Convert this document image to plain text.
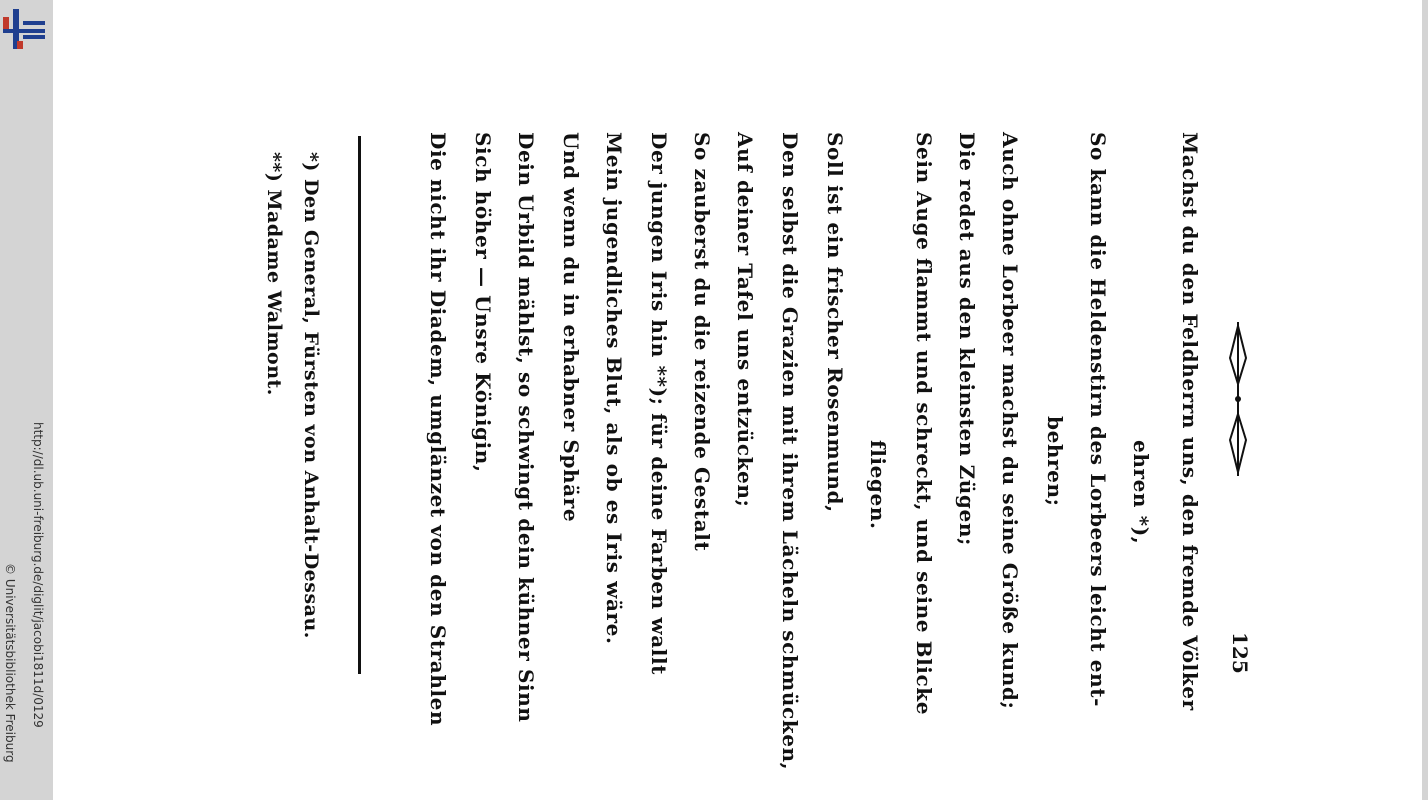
http://dl.ub.uni-freiburg.de/diglit/jacobi1811d/0129
© Universitätsbibliothek Freiburg	125
Machst du den Feldherrn uns, den fremde Völker
ehren *),
So kann die Heldenstirn des Lorbeers leicht ent-
behren;
Auch ohne Lorbeer machst du seine Größe kund;
Die redet aus den kleinsten Zügen;
Sein Auge flammt und schreckt, und seine Blicke
fliegen.
Soll ist ein frischer Rosenmund,
Den selbst die Grazien mit ihrem Lächeln schmücken,
Auf deiner Tafel uns entzücken;
So zauberst du die reizende Gestalt
Der jungen Iris hin **); für deine Farben wallt
Mein jugendliches Blut, als ob es Iris wäre.
Und wenn du in erhabner Sphäre
Dein Urbild mählst, so schwingt dein kühner Sinn
Sich höher — Unsre Königin,
Die nicht ihr Diadem, umglänzet von den Strahlen
*) Den General, Fürsten von Anhalt-Dessau.
**) Madame Walmont.
